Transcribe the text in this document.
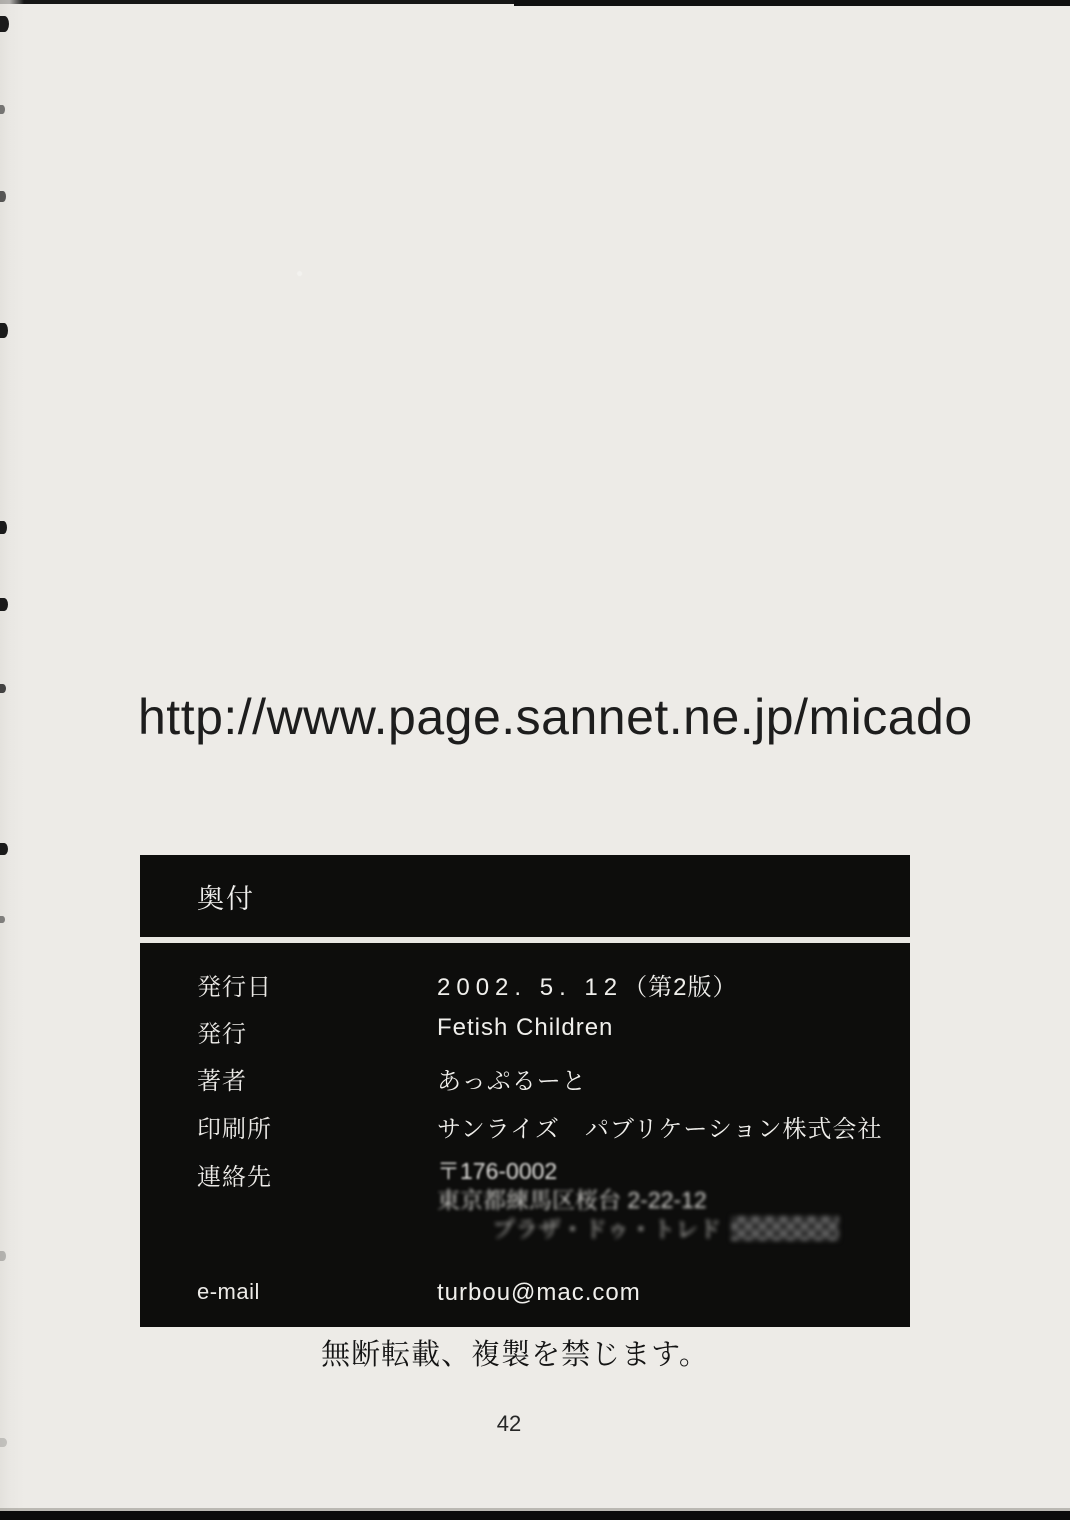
http://www.page.sannet.ne.jp/micado
奥付
発行日	2002. 5. 12（第2版）
発行	Fetish Children
著者	あっぷるーと
印刷所	サンライズ　パブリケーション株式会社
連絡先	〒176-0002
東京都練馬区桜台 2-22-12
プラザ・ドゥ・トレド
e-mail	turbou@mac.com
無断転載、複製を禁じます。
42
